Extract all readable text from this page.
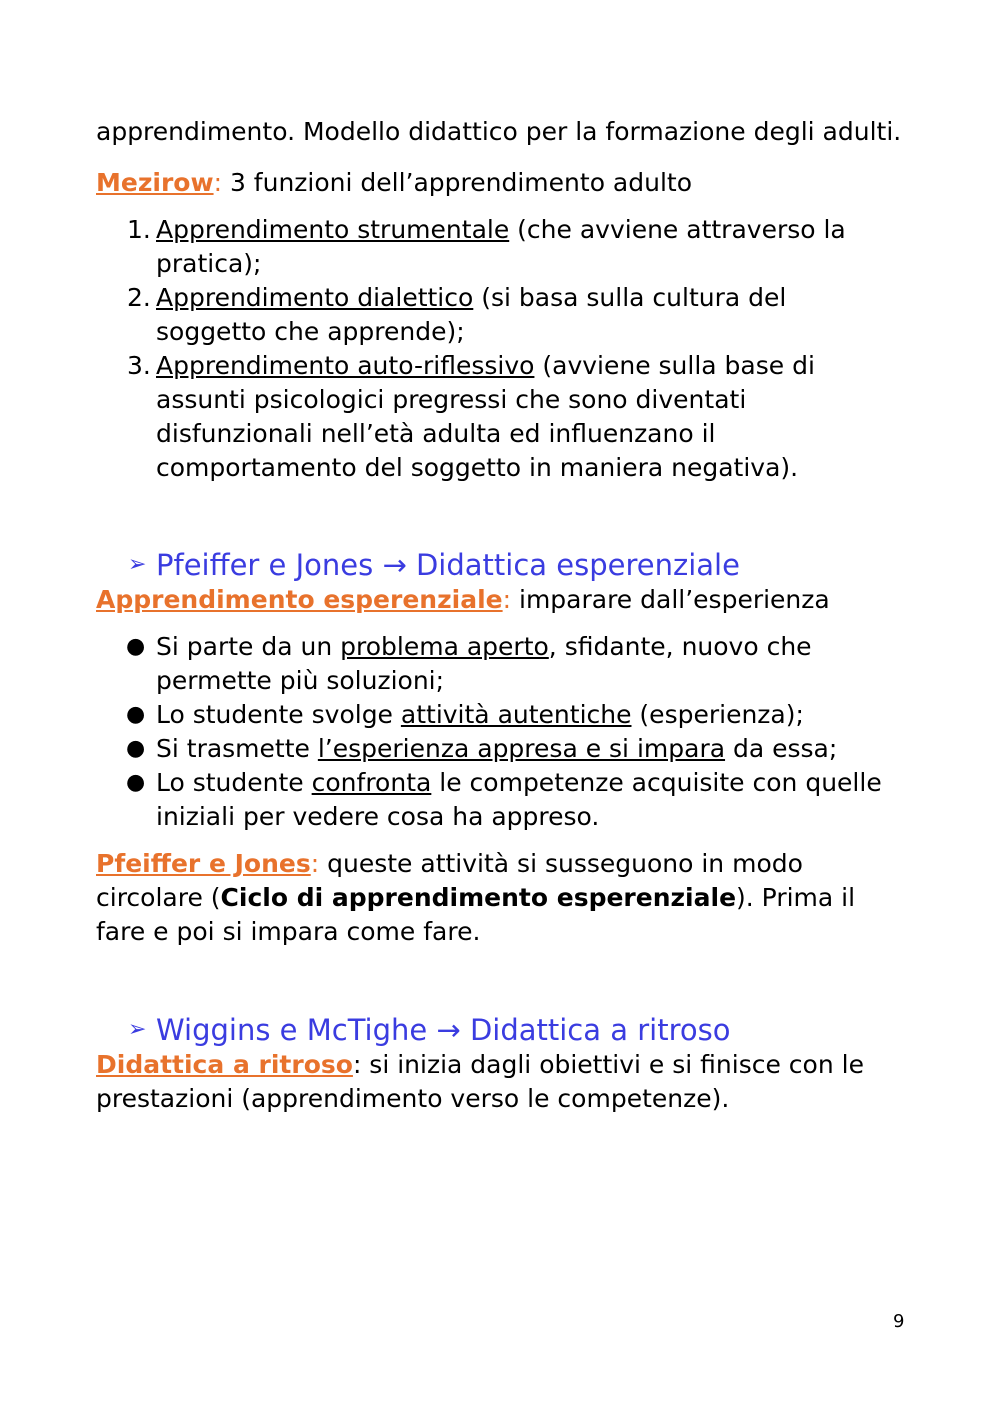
apprendimento. Modello didattico per la formazione degli adulti.

Mezirow: 3 funzioni dell’apprendimento adulto

1. Apprendimento strumentale (che avviene attraverso la pratica);
2. Apprendimento dialettico (si basa sulla cultura del soggetto che apprende);
3. Apprendimento auto-riflessivo (avviene sulla base di assunti psicologici pregressi che sono diventati disfunzionali nell’età adulta ed influenzano il comportamento del soggetto in maniera negativa).
➢ Pfeiffer e Jones → Didattica esperenziale

Apprendimento esperenziale: imparare dall’esperienza

● Si parte da un problema aperto, sfidante, nuovo che permette più soluzioni;
● Lo studente svolge attività autentiche (esperienza);
● Si trasmette l’esperienza appresa e si impara da essa;
● Lo studente confronta le competenze acquisite con quelle iniziali per vedere cosa ha appreso.

Pfeiffer e Jones: queste attività si susseguono in modo circolare (Ciclo di apprendimento esperenziale). Prima il fare e poi si impara come fare.

➢ Wiggins e McTighe → Didattica a ritroso

Didattica a ritroso: si inizia dagli obiettivi e si finisce con le prestazioni (apprendimento verso le competenze).

9
